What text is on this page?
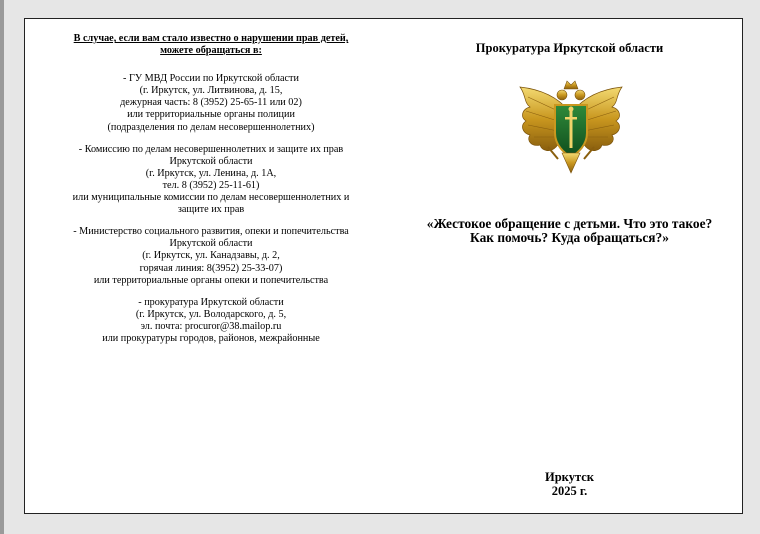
В случае, если вам стало известно о нарушении прав детей,
можете обращаться в:
- ГУ МВД России по Иркутской области
(г. Иркутск, ул. Литвинова, д. 15,
дежурная часть: 8 (3952) 25-65-11 или 02)
или территориальные органы полиции
(подразделения по делам несовершеннолетних)
- Комиссию по делам несовершеннолетних и защите их прав
Иркутской области
(г. Иркутск, ул. Ленина, д. 1А,
тел. 8 (3952) 25-11-61)
или муниципальные комиссии по делам несовершеннолетних и
защите их прав
- Министерство социального развития, опеки и попечительства
Иркутской области
(г. Иркутск, ул. Канадзавы, д. 2,
горячая линия: 8(3952) 25-33-07)
или территориальные органы опеки и попечительства
- прокуратура Иркутской области
(г. Иркутск, ул. Володарского, д. 5,
эл. почта: procuror@38.mailop.ru
или прокуратуры городов, районов, межрайонные
Прокуратура Иркутской области
«Жестокое обращение с детьми. Что это такое?
Как помочь? Куда обращаться?»
Иркутск
2025 г.
